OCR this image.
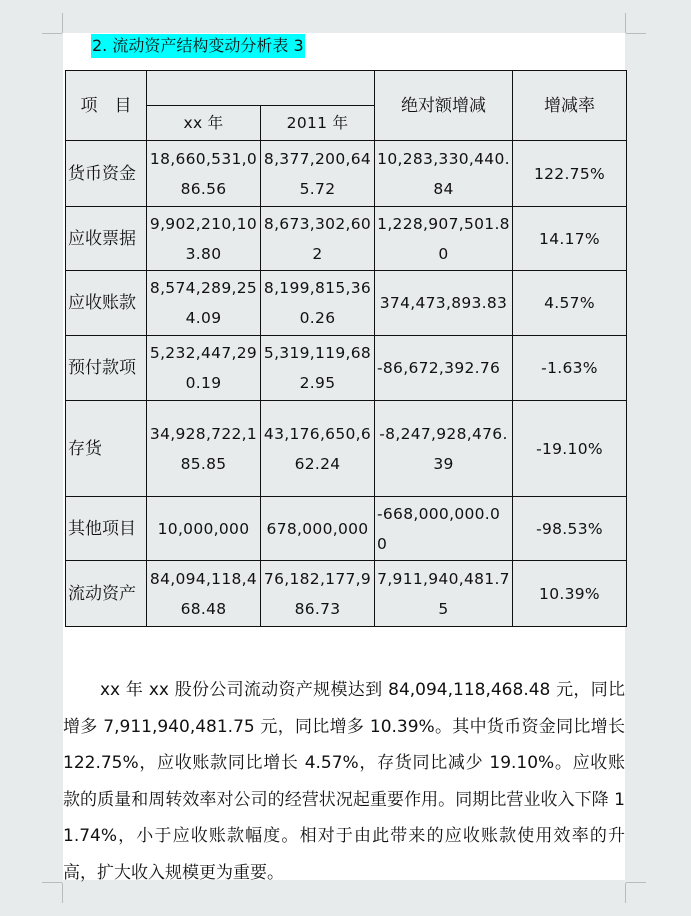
2. 流动资产结构变动分析表 3
项　目			绝对额增减	增减率
	xx 年	2011 年		
货币资金	18,660,531,086.56	8,377,200,645.72	10,283,330,440.84	122.75%
应收票据	9,902,210,103.80	8,673,302,602	1,228,907,501.80	14.17%
应收账款	8,574,289,254.09	8,199,815,360.26	374,473,893.83	4.57%
预付款项	5,232,447,290.19	5,319,119,682.95	-86,672,392.76	-1.63%
存货	34,928,722,185.85	43,176,650,662.24	-8,247,928,476.39	-19.10%
其他项目	10,000,000	678,000,000	-668,000,000.00	-98.53%
流动资产	84,094,118,468.48	76,182,177,986.73	7,911,940,481.75	10.39%

xx 年 xx 股份公司流动资产规模达到 84,094,118,468.48 元，同比增多 7,911,940,481.75 元，同比增多 10.39%。其中货币资金同比增长 122.75%，应收账款同比增长 4.57%，存货同比减少 19.10%。应收账款的质量和周转效率对公司的经营状况起重要作用。同期比营业收入下降 11.74%，小于应收账款幅度。相对于由此带来的应收账款使用效率的升高，扩大收入规模更为重要。
